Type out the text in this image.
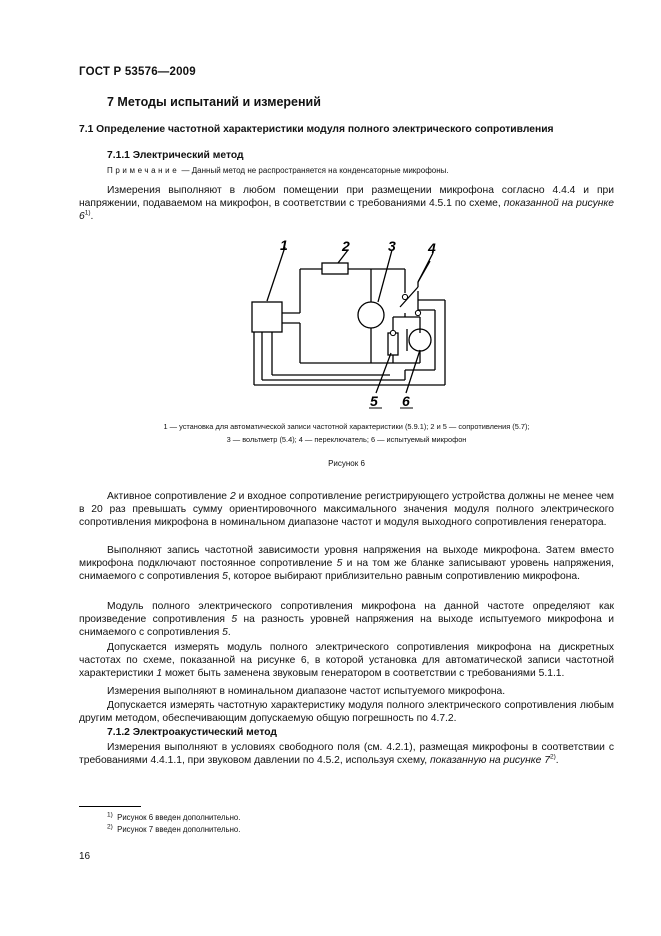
ГОСТ Р 53576—2009
7 Методы испытаний и измерений
7.1 Определение частотной характеристики модуля полного электрического сопротивления
7.1.1 Электрический метод
Примечание — Данный метод не распространяется на конденсаторные микрофоны.

Измерения выполняют в любом помещении при размещении микрофона согласно 4.4.4 и при напряжении, подаваемом на микрофон, в соответствии с требованиями 4.5.1 по схеме, показанной на рисунке 6$^{1)}$.

1	2	3 4
5 6
1 — установка для автоматической записи частотной характеристики (5.9.1); 2 и 5 — сопротивления (5.7);
3 — вольтметр (5.4); 4 — переключатель; 6 — испытуемый микрофон
Рисунок 6

Активное сопротивление 2 и входное сопротивление регистрирующего устройства должны не менее чем в 20 раз превышать сумму ориентировочного максимального значения модуля полного электрического сопротивления микрофона в номинальном диапазоне частот и модуля выходного сопротивления генератора.

Выполняют запись частотной зависимости уровня напряжения на выходе микрофона. Затем вместо микрофона подключают постоянное сопротивление 5 и на том же бланке записывают уровень напряжения, снимаемого с сопротивления 5, которое выбирают приблизительно равным сопротивлению микрофона.

Модуль полного электрического сопротивления микрофона на данной частоте определяют как произведение сопротивления 5 на разность уровней напряжения на выходе испытуемого микрофона и снимаемого с сопротивления 5.

Допускается измерять модуль полного электрического сопротивления микрофона на дискретных частотах по схеме, показанной на рисунке 6, в которой установка для автоматической записи частотной характеристики 1 может быть заменена звуковым генератором в соответствии с требованиями 5.1.1.

Измерения выполняют в номинальном диапазоне частот испытуемого микрофона.

Допускается измерять частотную характеристику модуля полного электрического сопротивления любым другим методом, обеспечивающим допускаемую общую погрешность по 4.7.2.

7.1.2 Электроакустический метод

Измерения выполняют в условиях свободного поля (см. 4.2.1), размещая микрофоны в соответствии с требованиями 4.4.1.1, при звуковом давлении по 4.5.2, используя схему, показанную на рисунке 7$^{2)}$.

$^{1)}$ Рисунок 6 введен дополнительно.
$^{2)}$ Рисунок 7 введен дополнительно.
16
